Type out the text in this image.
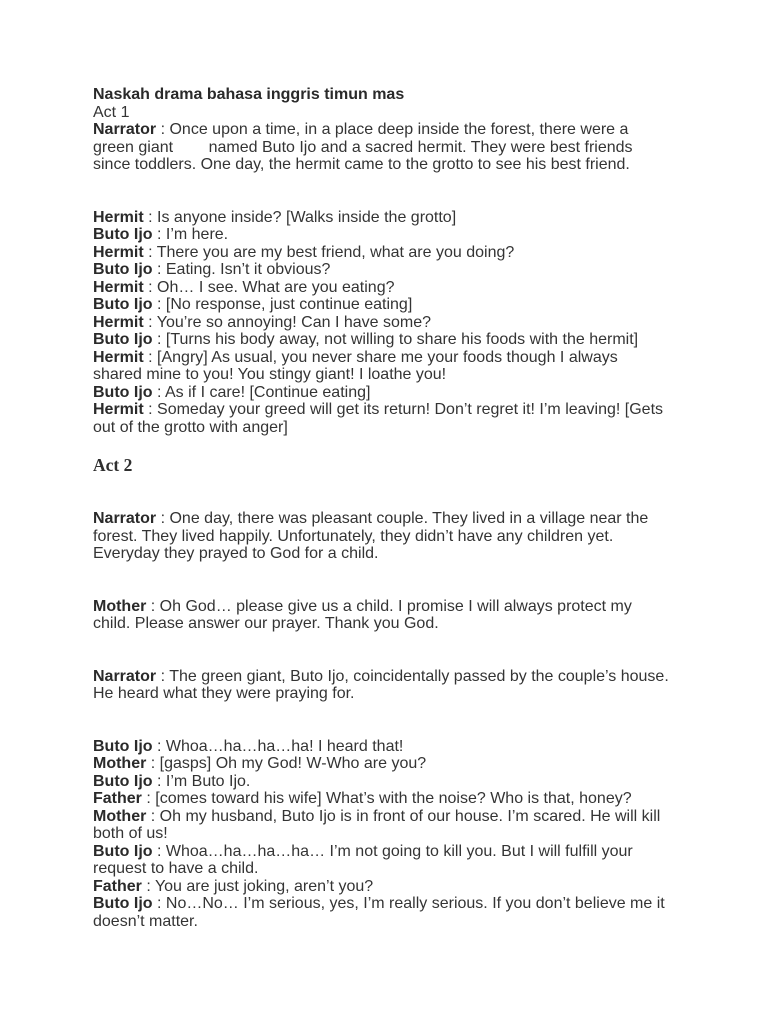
Naskah drama bahasa inggris timun mas
Act 1
Narrator : Once upon a time, in a place deep inside the forest, there were a
green giant        named Buto Ijo and a sacred hermit. They were best friends
since toddlers. One day, the hermit came to the grotto to see his best friend.
Hermit : Is anyone inside? [Walks inside the grotto]
Buto Ijo : I’m here.
Hermit : There you are my best friend, what are you doing?
Buto Ijo : Eating. Isn’t it obvious?
Hermit : Oh… I see. What are you eating?
Buto Ijo : [No response, just continue eating]
Hermit : You’re so annoying! Can I have some?
Buto Ijo : [Turns his body away, not willing to share his foods with the hermit]
Hermit : [Angry] As usual, you never share me your foods though I always
shared mine to you! You stingy giant! I loathe you!
Buto Ijo : As if I care! [Continue eating]
Hermit : Someday your greed will get its return! Don’t regret it! I’m leaving! [Gets
out of the grotto with anger]
Act 2
Narrator : One day, there was pleasant couple. They lived in a village near the
forest. They lived happily. Unfortunately, they didn’t have any children yet.
Everyday they prayed to God for a child.
Mother : Oh God… please give us a child. I promise I will always protect my
child. Please answer our prayer. Thank you God.
Narrator : The green giant, Buto Ijo, coincidentally passed by the couple’s house.
He heard what they were praying for.
Buto Ijo : Whoa…ha…ha…ha! I heard that!
Mother : [gasps] Oh my God! W-Who are you?
Buto Ijo : I’m Buto Ijo.
Father : [comes toward his wife] What’s with the noise? Who is that, honey?
Mother : Oh my husband, Buto Ijo is in front of our house. I’m scared. He will kill
both of us!
Buto Ijo : Whoa…ha…ha…ha… I’m not going to kill you. But I will fulfill your
request to have a child.
Father : You are just joking, aren’t you?
Buto Ijo : No…No… I’m serious, yes, I’m really serious. If you don’t believe me it
doesn’t matter.
